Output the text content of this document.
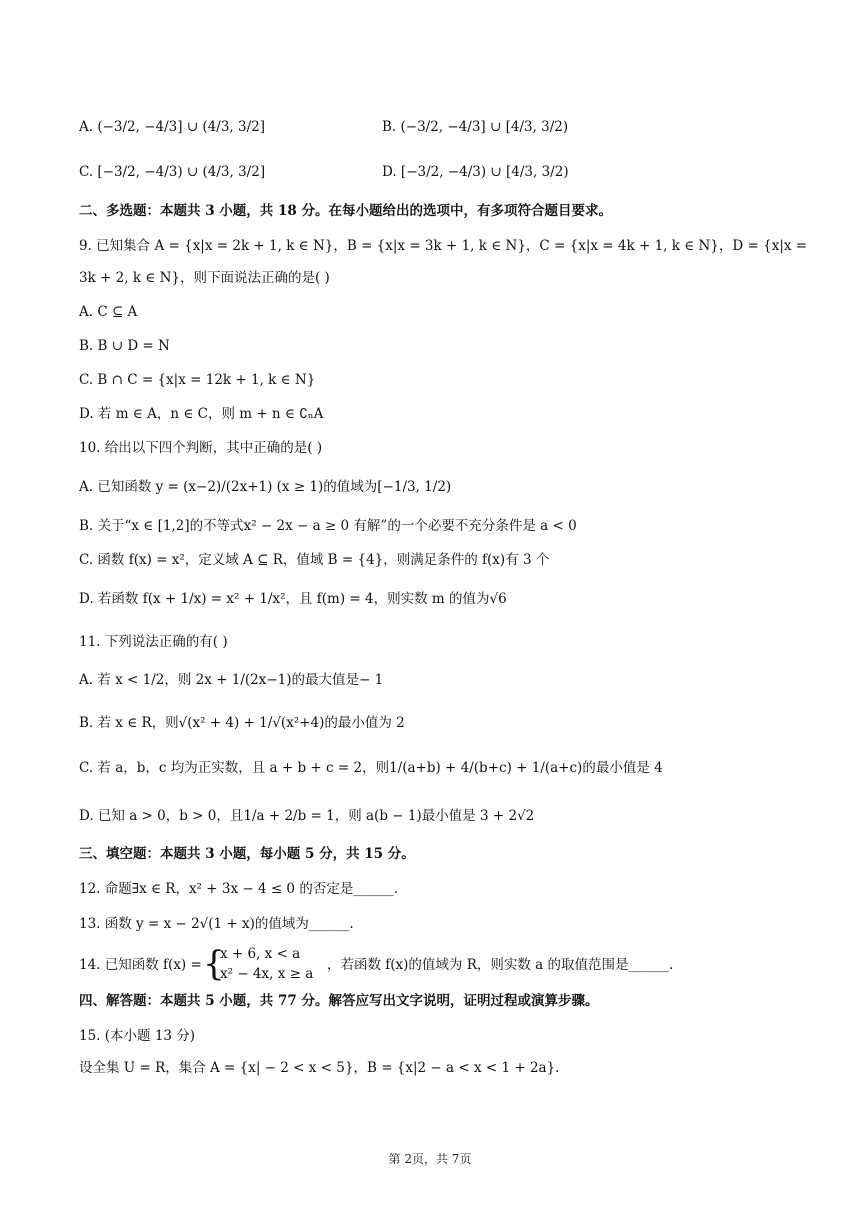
A. (−3/2, −4/3] ∪ (4/3, 3/2]	B. (−3/2, −4/3] ∪ [4/3, 3/2)
C. [−3/2, −4/3) ∪ (4/3, 3/2]	D. [−3/2, −4/3) ∪ [4/3, 3/2)
二、多选题：本题共 3 小题，共 18 分。在每小题给出的选项中，有多项符合题目要求。
9. 已知集合 A = {x|x = 2k + 1, k ∈ N}，B = {x|x = 3k + 1, k ∈ N}，C = {x|x = 4k + 1, k ∈ N}，D = {x|x =
3k + 2, k ∈ N}，则下面说法正确的是( )
A. C ⊆ A
B. B ∪ D = N
C. B ∩ C = {x|x = 12k + 1, k ∈ N}
D. 若 m ∈ A，n ∈ C，则 m + n ∈ ∁ₙA
10. 给出以下四个判断，其中正确的是( )
A. 已知函数 y = (x−2)/(2x+1) (x ≥ 1)的值域为[−1/3, 1/2)
B. 关于“x ∈ [1,2]的不等式x² − 2x − a ≥ 0 有解”的一个必要不充分条件是 a < 0
C. 函数 f(x) = x²，定义域 A ⊆ R，值域 B = {4}，则满足条件的 f(x)有 3 个
D. 若函数 f(x + 1/x) = x² + 1/x²，且 f(m) = 4，则实数 m 的值为√6
11. 下列说法正确的有( )
A. 若 x < 1/2，则 2x + 1/(2x−1)的最大值是− 1
B. 若 x ∈ R，则√(x² + 4) + 1/√(x²+4)的最小值为 2
C. 若 a，b，c 均为正实数，且 a + b + c = 2，则1/(a+b) + 4/(b+c) + 1/(a+c)的最小值是 4
D. 已知 a > 0，b > 0，且1/a + 2/b = 1，则 a(b − 1)最小值是 3 + 2√2
三、填空题：本题共 3 小题，每小题 5 分，共 15 分。
12. 命题∃x ∈ R，x² + 3x − 4 ≤ 0 的否定是______.
13. 函数 y = x − 2√(1 + x)的值域为______.
14. 已知函数 f(x) = {
x + 6, x < a
x² − 4x, x ≥ a
，若函数 f(x)的值域为 R，则实数 a 的取值范围是______.
四、解答题：本题共 5 小题，共 77 分。解答应写出文字说明，证明过程或演算步骤。
15. (本小题 13 分)
设全集 U = R，集合 A = {x| − 2 < x < 5}，B = {x|2 − a < x < 1 + 2a}.
第 2页，共 7页
